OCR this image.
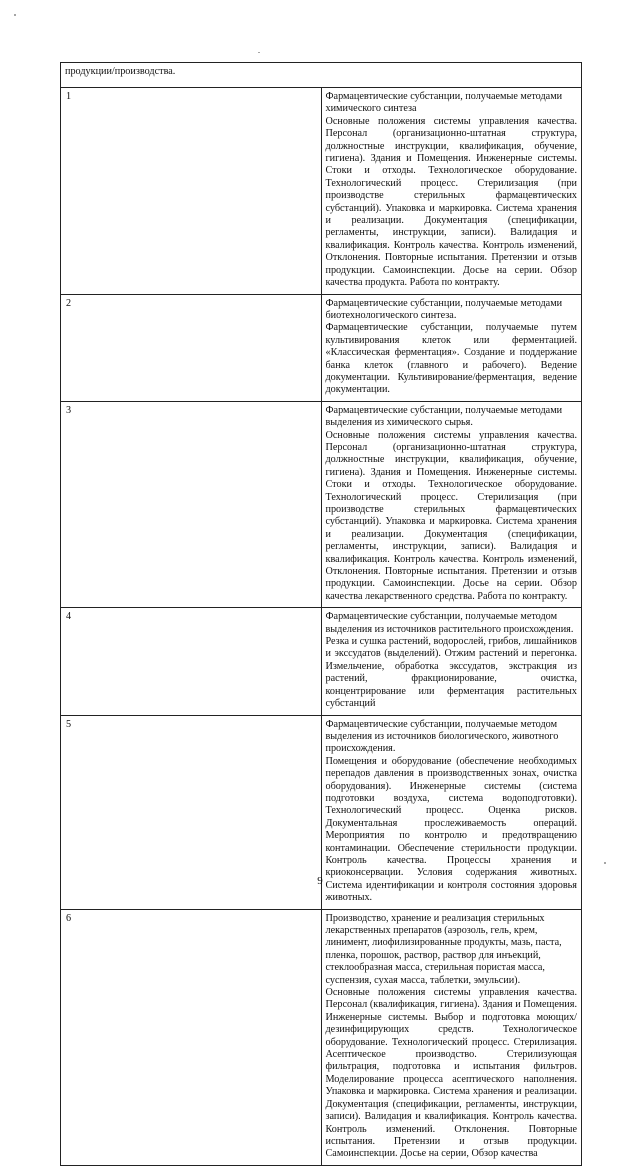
продукции/производства.	
1	Фармацевтические субстанции, получаемые методами химического синтеза
Основные положения системы управления качества. Персонал (организационно-штатная структура, должностные инструкции, квалификация, обучение, гигиена). Здания и Помещения. Инженерные системы. Стоки и отходы. Технологическое оборудование. Технологический процесс. Стерилизация (при производстве стерильных фармацевтических субстанций). Упаковка и маркировка. Система хранения и реализации. Документация (спецификации, регламенты, инструкции, записи). Валидация и квалификация. Контроль качества. Контроль изменений, Отклонения. Повторные испытания. Претензии и отзыв продукции. Самоинспекции. Досье на серии. Обзор качества продукта. Работа по контракту.

2	Фармацевтические субстанции, получаемые методами биотехнологического синтеза.
Фармацевтические субстанции, получаемые путем культивирования клеток или ферментацией. «Классическая ферментация». Создание и поддержание банка клеток (главного и рабочего). Ведение документации. Культивирование/ферментация, ведение документации.

3	Фармацевтические субстанции, получаемые методами выделения из химического сырья.
Основные положения системы управления качества. Персонал (организационно-штатная структура, должностные инструкции, квалификация, обучение, гигиена). Здания и Помещения. Инженерные системы. Стоки и отходы. Технологическое оборудование. Технологический процесс. Стерилизация (при производстве стерильных фармацевтических субстанций). Упаковка и маркировка. Система хранения и реализации. Документация (спецификации, регламенты, инструкции, записи). Валидация и квалификация. Контроль качества. Контроль изменений, Отклонения. Повторные испытания. Претензии и отзыв продукции. Самоинспекции. Досье на серии. Обзор качества лекарственного средства. Работа по контракту.

4	Фармацевтические субстанции, получаемые методом выделения из источников растительного происхождения.
Резка и сушка растений, водорослей, грибов, лишайников и экссудатов (выделений). Отжим растений и перегонка. Измельчение, обработка экссудатов, экстракция из растений, фракционирование, очистка, концентрирование или ферментация растительных субстанций

5	Фармацевтические субстанции, получаемые методом выделения из источников биологического, животного происхождения.
Помещения и оборудование (обеспечение необходимых перепадов давления в производственных зонах, очистка оборудования). Инженерные системы (система подготовки воздуха, система водоподготовки). Технологический процесс. Оценка рисков. Документальная прослеживаемость операций. Мероприятия по контролю и предотвращению контаминации. Обеспечение стерильности продукции. Контроль качества. Процессы хранения и криоконсервации. Условия содержания животных. Система идентификации и контроля состояния здоровья животных.

6	Производство, хранение и реализация стерильных лекарственных препаратов (аэрозоль, гель, крем, линимент, лиофилизированные продукты, мазь, паста, пленка, порошок, раствор, раствор для инъекций, стеклообразная масса, стерильная пористая масса, суспензия, сухая масса, таблетки, эмульсии).
Основные положения системы управления качества. Персонал (квалификация, гигиена). Здания и Помещения. Инженерные системы. Выбор и подготовка моющих/дезинфицирующих средств. Технологическое оборудование. Технологический процесс. Стерилизация. Асептическое производство. Стерилизующая фильтрация, подготовка и испытания фильтров. Моделирование процесса асептического наполнения. Упаковка и маркировка. Система хранения и реализации. Документация (спецификации, регламенты, инструкции, записи). Валидация и квалификация. Контроль качества. Контроль изменений. Отклонения. Повторные испытания. Претензии и отзыв продукции. Самоинспекции. Досье на серии, Обзор качества
9
